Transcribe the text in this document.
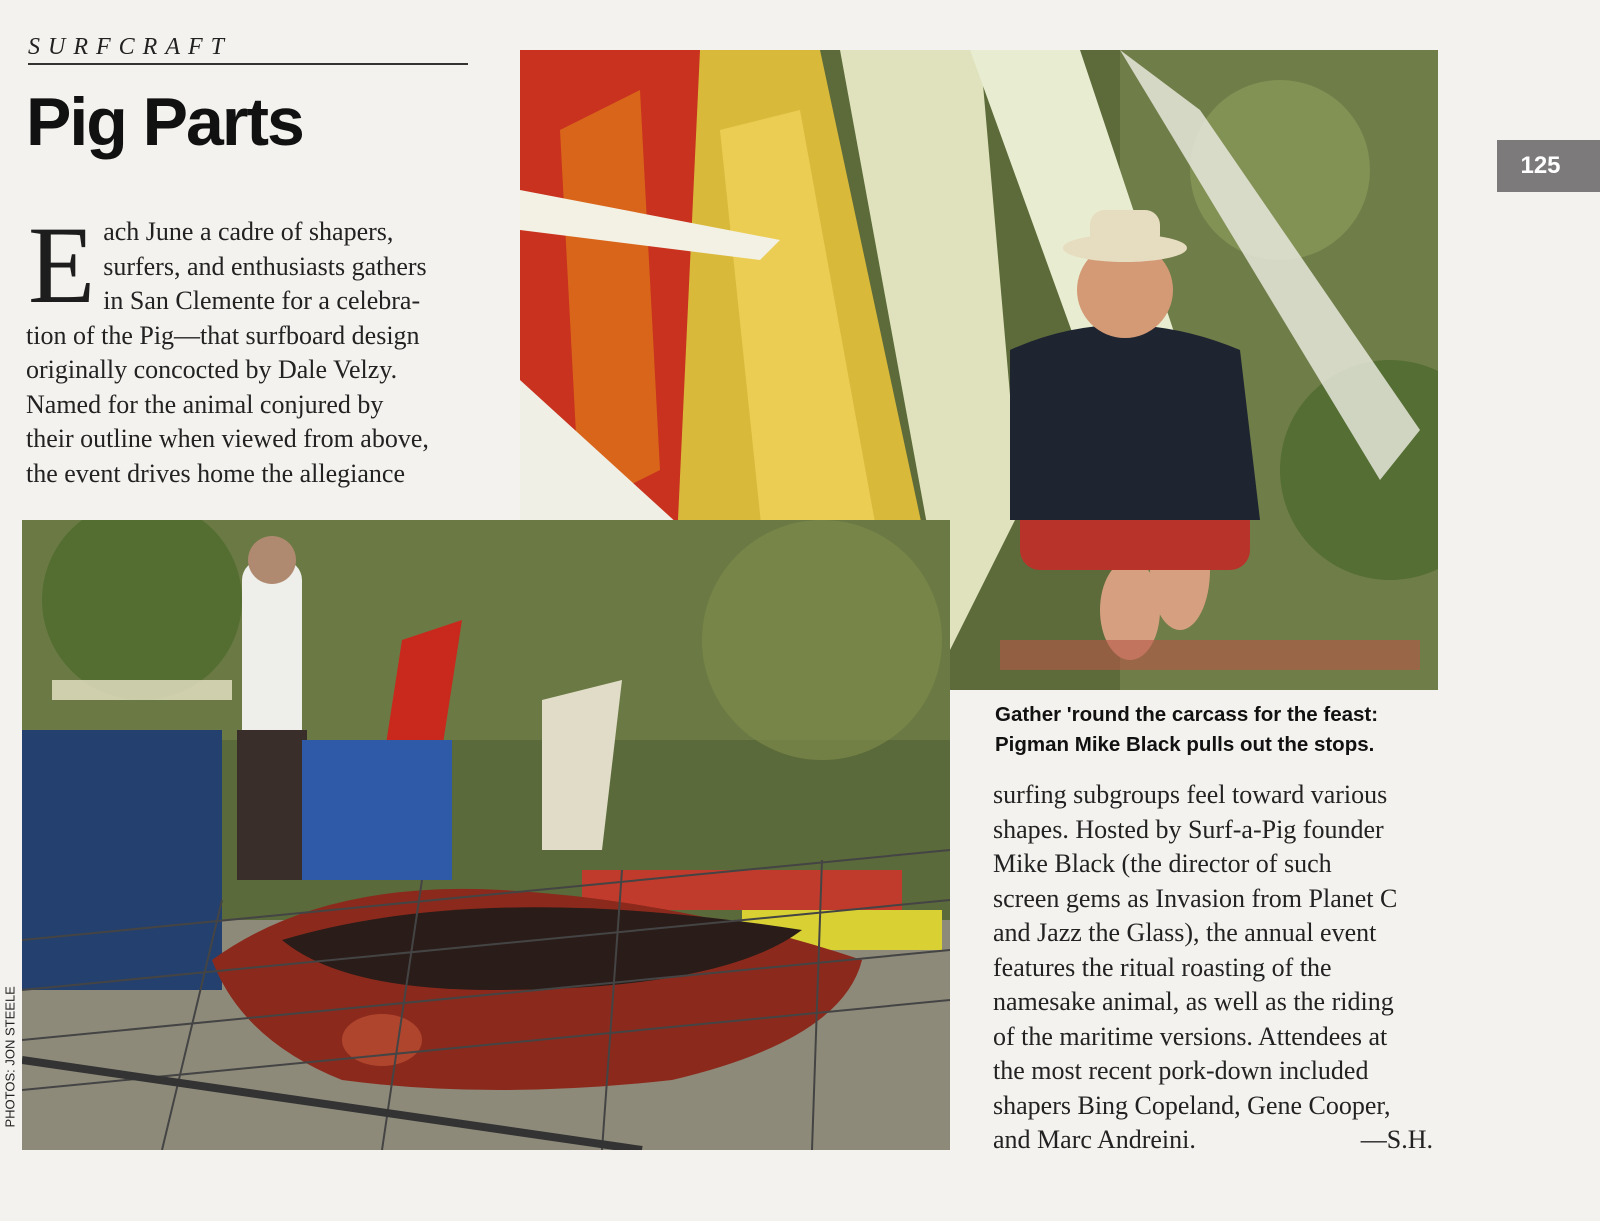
SURFCRAFT
Pig Parts
E ach June a cadre of shapers,
surfers, and enthusiasts gathers
in San Clemente for a celebra-
tion of the Pig—that surfboard design
originally concocted by Dale Velzy.
Named for the animal conjured by
their outline when viewed from above,
the event drives home the allegiance
125
Gather 'round the carcass for the feast:
Pigman Mike Black pulls out the stops.
surfing subgroups feel toward various
shapes. Hosted by Surf-a-Pig founder
Mike Black (the director of such
screen gems as Invasion from Planet C
and Jazz the Glass), the annual event
features the ritual roasting of the
namesake animal, as well as the riding
of the maritime versions. Attendees at
the most recent pork-down included
shapers Bing Copeland, Gene Cooper,
and Marc Andreini.	—S.H.
PHOTOS: JON STEELE
